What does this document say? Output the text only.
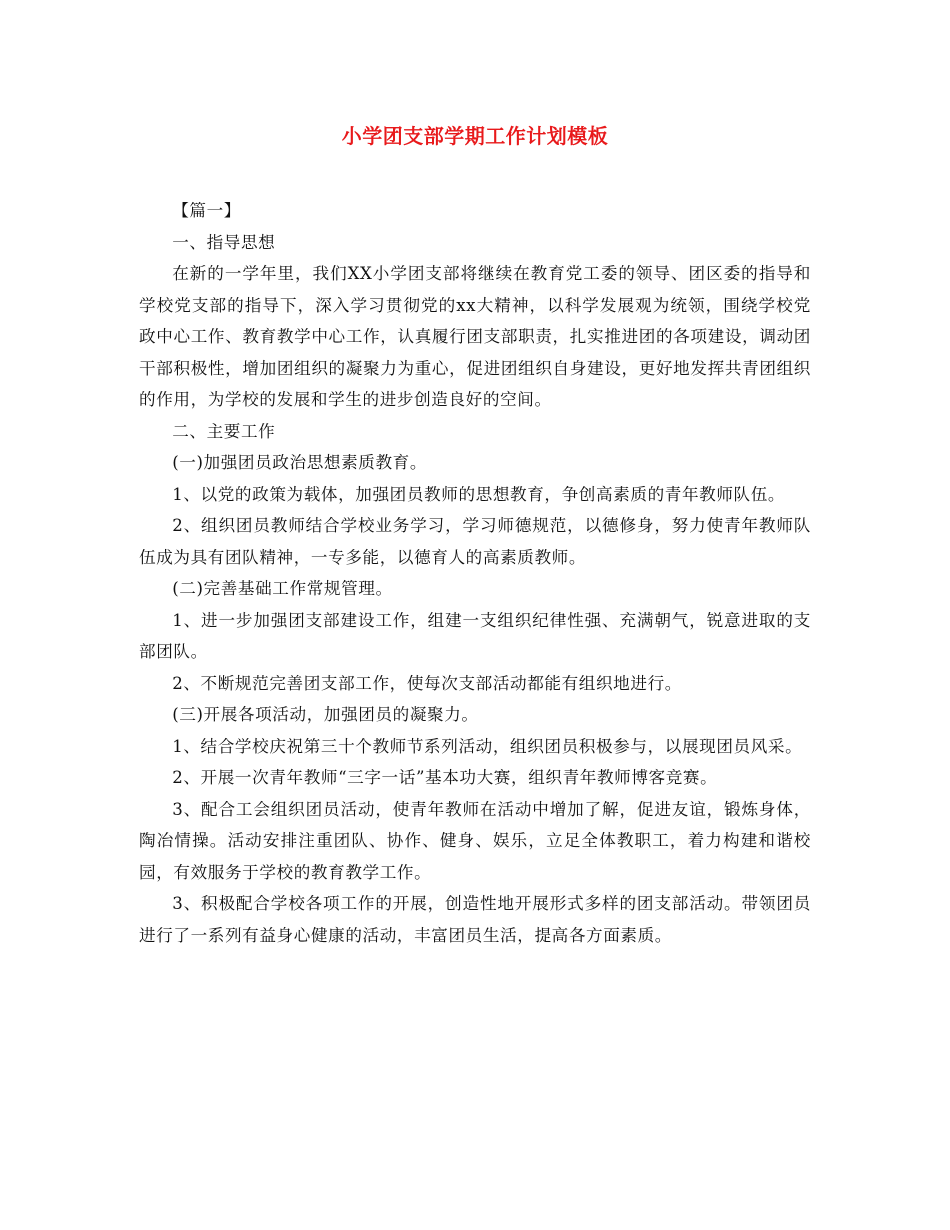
小学团支部学期工作计划模板

【篇一】

一、指导思想

在新的一学年里，我们XX小学团支部将继续在教育党工委的领导、团区委的指导和学校党支部的指导下，深入学习贯彻党的xx大精神，以科学发展观为统领，围绕学校党政中心工作、教育教学中心工作，认真履行团支部职责，扎实推进团的各项建设，调动团干部积极性，增加团组织的凝聚力为重心，促进团组织自身建设，更好地发挥共青团组织的作用，为学校的发展和学生的进步创造良好的空间。

二、主要工作

(一)加强团员政治思想素质教育。

1、以党的政策为载体，加强团员教师的思想教育，争创高素质的青年教师队伍。

2、组织团员教师结合学校业务学习，学习师德规范，以德修身，努力使青年教师队伍成为具有团队精神，一专多能，以德育人的高素质教师。

(二)完善基础工作常规管理。

1、进一步加强团支部建设工作，组建一支组织纪律性强、充满朝气，锐意进取的支部团队。

2、不断规范完善团支部工作，使每次支部活动都能有组织地进行。

(三)开展各项活动，加强团员的凝聚力。

1、结合学校庆祝第三十个教师节系列活动，组织团员积极参与，以展现团员风采。

2、开展一次青年教师“三字一话”基本功大赛，组织青年教师博客竞赛。

3、配合工会组织团员活动，使青年教师在活动中增加了解，促进友谊，锻炼身体，陶冶情操。活动安排注重团队、协作、健身、娱乐，立足全体教职工，着力构建和谐校园，有效服务于学校的教育教学工作。

3、积极配合学校各项工作的开展，创造性地开展形式多样的团支部活动。带领团员进行了一系列有益身心健康的活动，丰富团员生活，提高各方面素质。
